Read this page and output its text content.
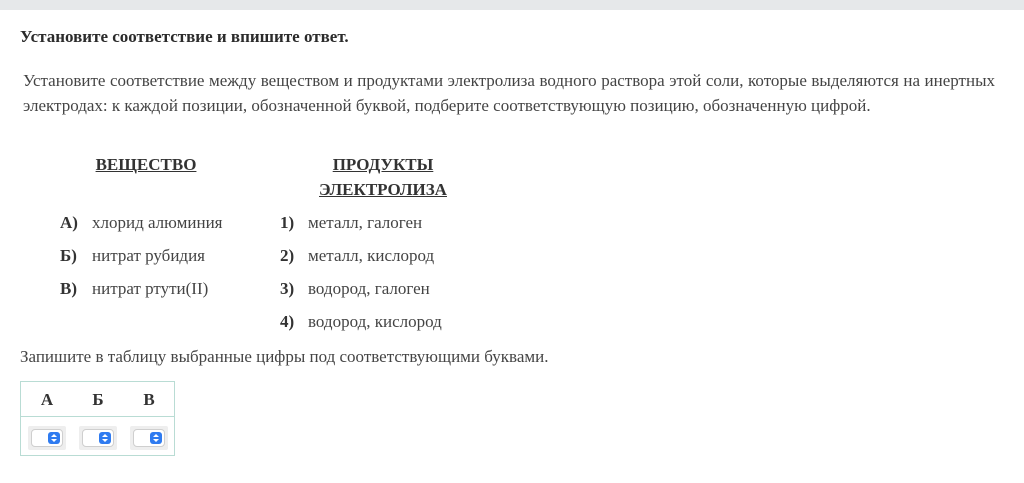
Установите соответствие и впишите ответ.
Установите соответствие между веществом и продуктами электролиза водного раствора этой соли, которые выделяются на инертных электродах: к каждой позиции, обозначенной буквой, подберите соответствующую позицию, обозначенную цифрой.
ВЕЩЕСТВО	ПРОДУКТЫ
ЭЛЕКТРОЛИЗА
А) хлорид алюминия
Б) нитрат рубидия
В) нитрат ртути(II)
1) металл, галоген
2) металл, кислород
3) водород, галоген
4) водород, кислород
Запишите в таблицу выбранные цифры под соответствующими буквами.
А Б В
